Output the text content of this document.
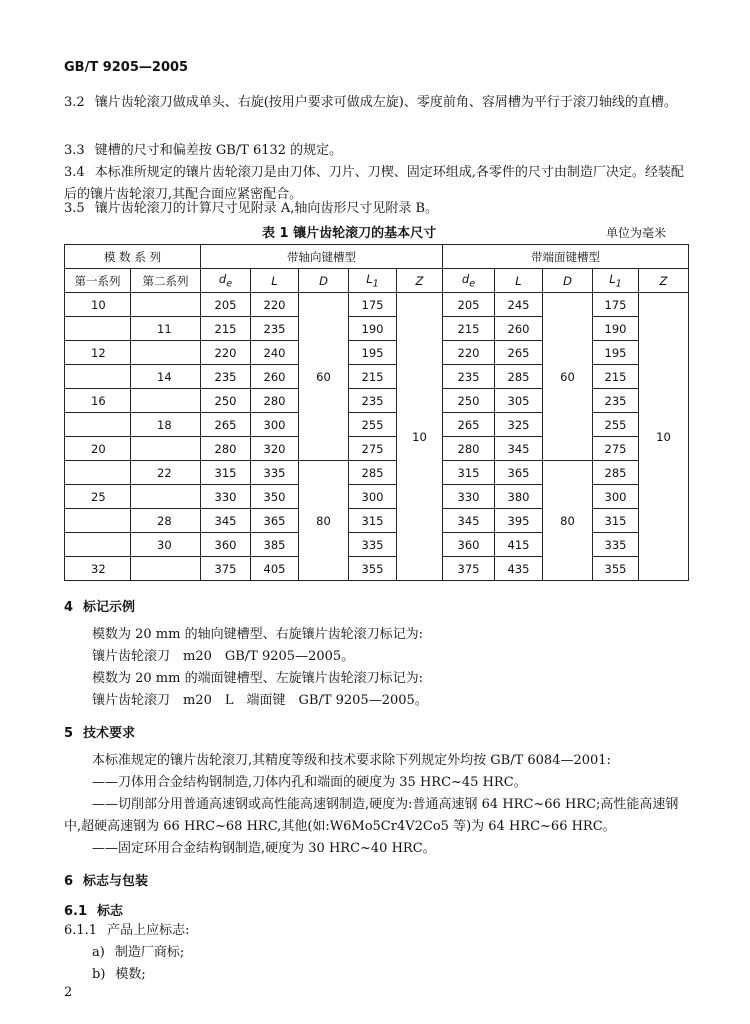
GB/T 9205—2005
3.2 镶片齿轮滚刀做成单头、右旋(按用户要求可做成左旋)、零度前角、容屑槽为平行于滚刀轴线的直槽。
3.3 键槽的尺寸和偏差按 GB/T 6132 的规定。
3.4 本标准所规定的镶片齿轮滚刀是由刀体、刀片、刀楔、固定环组成,各零件的尺寸由制造厂决定。经装配后的镶片齿轮滚刀,其配合面应紧密配合。
3.5 镶片齿轮滚刀的计算尺寸见附录 A,轴向齿形尺寸见附录 B。
表 1 镶片齿轮滚刀的基本尺寸	单位为毫米
模 数 系 列		带轴向键槽型					带端面键槽型				
第一系列	第二系列	$d_e$	L	D	$L_1$	Z	$d_e$	L	D	$L_1$	Z
10		205	220	60	175	10	205	245	60	175	10
	11	215	235		190		215	260		190	
12		220	240		195		220	265		195	
	14	235	260		215		235	285		215	
16		250	280		235		250	305		235	
	18	265	300		255		265	325		255	
20		280	320		275		280	345		275	
	22	315	335	80	285		315	365	80	285	
25		330	350		300		330	380		300	
	28	345	365		315		345	395		315	
	30	360	385		335		360	415		335	
32		375	405		355		375	435		355	
4 标记示例
模数为 20 mm 的轴向键槽型、右旋镶片齿轮滚刀标记为:
镶片齿轮滚刀　m20　GB/T 9205—2005。
模数为 20 mm 的端面键槽型、左旋镶片齿轮滚刀标记为:
镶片齿轮滚刀　m20　L　端面键　GB/T 9205—2005。
5 技术要求
本标准规定的镶片齿轮滚刀,其精度等级和技术要求除下列规定外均按 GB/T 6084—2001:
——刀体用合金结构钢制造,刀体内孔和端面的硬度为 35 HRC~45 HRC。
——切削部分用普通高速钢或高性能高速钢制造,硬度为:普通高速钢 64 HRC~66 HRC;高性能高速钢中,超硬高速钢为 66 HRC~68 HRC,其他(如:W6Mo5Cr4V2Co5 等)为 64 HRC~66 HRC。
——固定环用合金结构钢制造,硬度为 30 HRC~40 HRC。
6 标志与包装
6.1 标志
6.1.1 产品上应标志:
a) 制造厂商标;
b) 模数;
2
